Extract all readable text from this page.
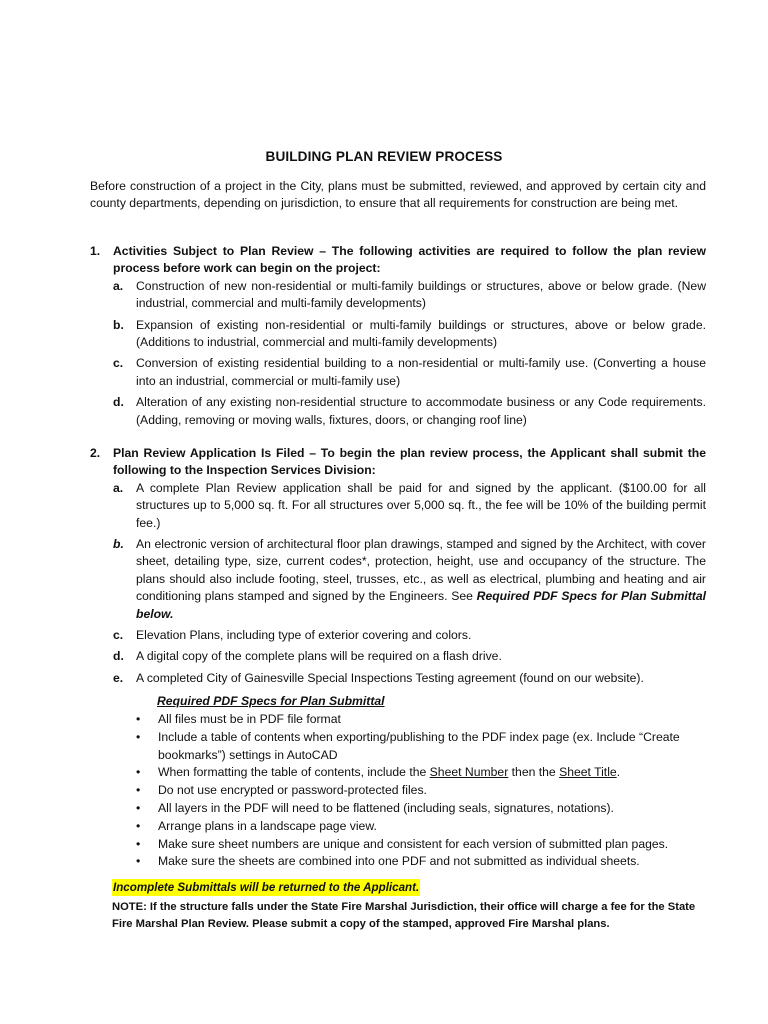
BUILDING PLAN REVIEW PROCESS
Before construction of a project in the City, plans must be submitted, reviewed, and approved by certain city and county departments, depending on jurisdiction, to ensure that all requirements for construction are being met.
1. Activities Subject to Plan Review – The following activities are required to follow the plan review process before work can begin on the project:
a. Construction of new non-residential or multi-family buildings or structures, above or below grade. (New industrial, commercial and multi-family developments)
b. Expansion of existing non-residential or multi-family buildings or structures, above or below grade. (Additions to industrial, commercial and multi-family developments)
c. Conversion of existing residential building to a non-residential or multi-family use. (Converting a house into an industrial, commercial or multi-family use)
d. Alteration of any existing non-residential structure to accommodate business or any Code requirements. (Adding, removing or moving walls, fixtures, doors, or changing roof line)
2. Plan Review Application Is Filed – To begin the plan review process, the Applicant shall submit the following to the Inspection Services Division:
a. A complete Plan Review application shall be paid for and signed by the applicant. ($100.00 for all structures up to 5,000 sq. ft. For all structures over 5,000 sq. ft., the fee will be 10% of the building permit fee.)
b. An electronic version of architectural floor plan drawings, stamped and signed by the Architect, with cover sheet, detailing type, size, current codes*, protection, height, use and occupancy of the structure. The plans should also include footing, steel, trusses, etc., as well as electrical, plumbing and heating and air conditioning plans stamped and signed by the Engineers. See Required PDF Specs for Plan Submittal below.
c. Elevation Plans, including type of exterior covering and colors.
d. A digital copy of the complete plans will be required on a flash drive.
e. A completed City of Gainesville Special Inspections Testing agreement (found on our website).
Required PDF Specs for Plan Submittal
• All files must be in PDF file format
• Include a table of contents when exporting/publishing to the PDF index page (ex. Include “Create bookmarks”) settings in AutoCAD
• When formatting the table of contents, include the Sheet Number then the Sheet Title.
• Do not use encrypted or password-protected files.
• All layers in the PDF will need to be flattened (including seals, signatures, notations).
• Arrange plans in a landscape page view.
• Make sure sheet numbers are unique and consistent for each version of submitted plan pages.
• Make sure the sheets are combined into one PDF and not submitted as individual sheets.
Incomplete Submittals will be returned to the Applicant.
NOTE: If the structure falls under the State Fire Marshal Jurisdiction, their office will charge a fee for the State Fire Marshal Plan Review. Please submit a copy of the stamped, approved Fire Marshal plans.
